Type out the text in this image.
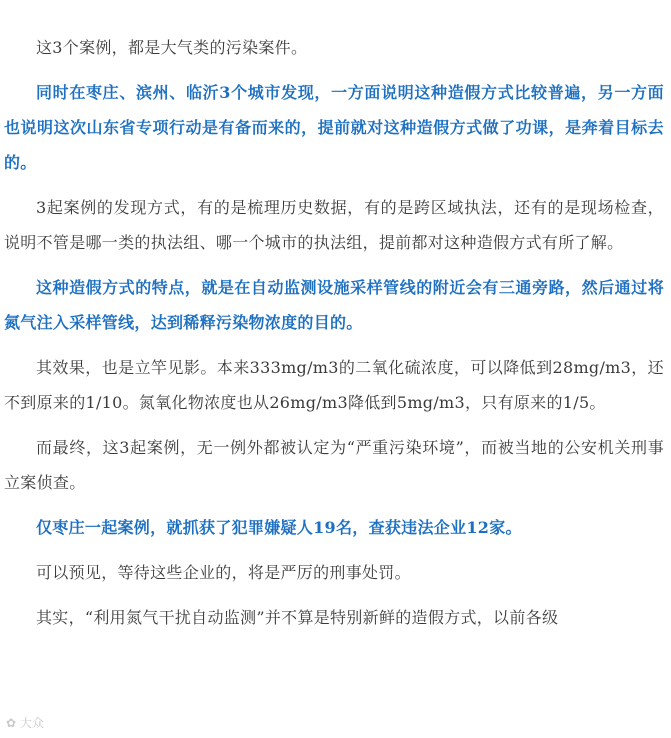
这3个案例，都是大气类的污染案件。

同时在枣庄、滨州、临沂3个城市发现，一方面说明这种造假方式比较普遍，另一方面也说明这次山东省专项行动是有备而来的，提前就对这种造假方式做了功课，是奔着目标去的。

3起案例的发现方式，有的是梳理历史数据，有的是跨区域执法，还有的是现场检查，说明不管是哪一类的执法组、哪一个城市的执法组，提前都对这种造假方式有所了解。

这种造假方式的特点，就是在自动监测设施采样管线的附近会有三通旁路，然后通过将氮气注入采样管线，达到稀释污染物浓度的目的。

其效果，也是立竿见影。本来333mg/m3的二氧化硫浓度，可以降低到28mg/m3，还不到原来的1/10。氮氧化物浓度也从26mg/m3降低到5mg/m3，只有原来的1/5。

而最终，这3起案例，无一例外都被认定为“严重污染环境”，而被当地的公安机关刑事立案侦查。

仅枣庄一起案例，就抓获了犯罪嫌疑人19名，查获违法企业12家。

可以预见，等待这些企业的，将是严厉的刑事处罚。

其实，“利用氮气干扰自动监测”并不算是特别新鲜的造假方式，以前各级

✿ 大众
